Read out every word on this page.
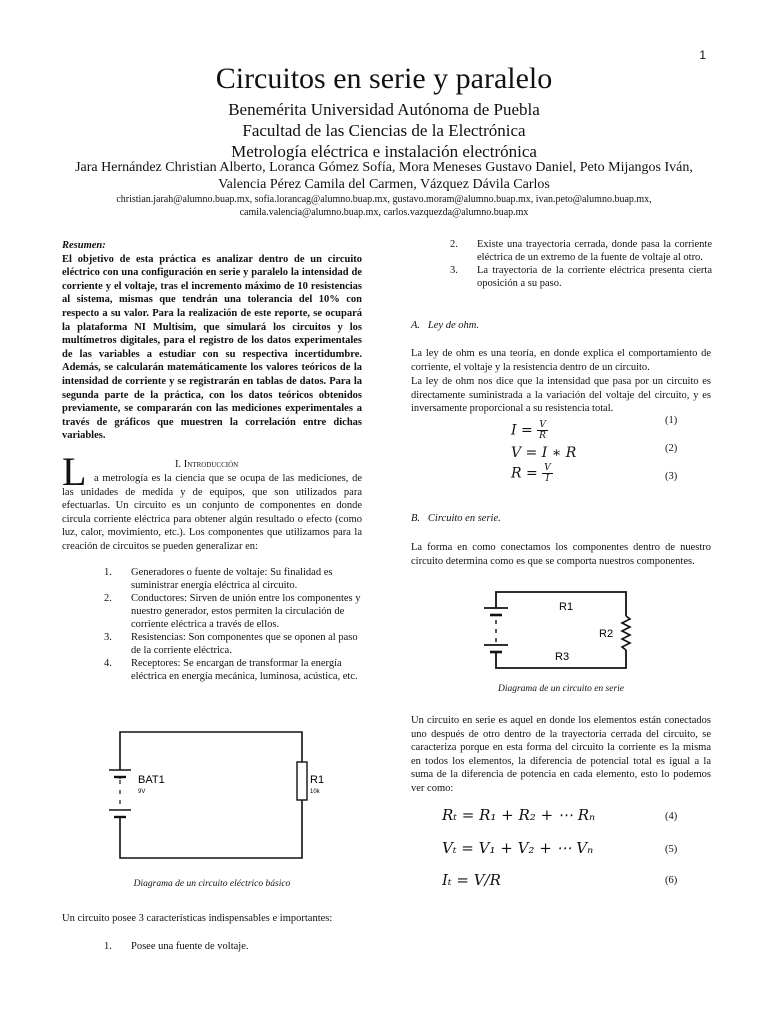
1
Circuitos en serie y paralelo
Benemérita Universidad Autónoma de Puebla
Facultad de las Ciencias de la Electrónica
Metrología eléctrica e instalación electrónica
Jara Hernández Christian Alberto, Loranca Gómez Sofía, Mora Meneses Gustavo Daniel, Peto Mijangos Iván,
Valencia Pérez Camila del Carmen, Vázquez Dávila Carlos
christian.jarah@alumno.buap.mx, sofia.lorancag@alumno.buap.mx, gustavo.moram@alumno.buap.mx, ivan.peto@alumno.buap.mx,
camila.valencia@alumno.buap.mx, carlos.vazquezda@alumno.buap.mx
Resumen:
El objetivo de esta práctica es analizar dentro de un circuito eléctrico con una configuración en serie y paralelo la intensidad de corriente y el voltaje, tras el incremento máximo de 10 resistencias al sistema, mismas que tendrán una tolerancia del 10% con respecto a su valor. Para la realización de este reporte, se ocupará la plataforma NI Multisim, que simulará los circuitos y los multímetros digitales, para el registro de los datos experimentales de las variables a estudiar con su respectiva incertidumbre. Además, se calcularán matemáticamente los valores teóricos de la intensidad de corriente y se registrarán en tablas de datos. Para la segunda parte de la práctica, con los datos teóricos obtenidos previamente, se compararán con las mediciones experimentales a través de gráficos que muestren la correlación entre dichas variables.
L	I. Introducción
a metrología es la ciencia que se ocupa de las mediciones, de las unidades de medida y de equipos, que son utilizados para efectuarlas. Un circuito es un conjunto de componentes en donde circula corriente eléctrica para obtener algún resultado o efecto (como luz, calor, movimiento, etc.). Los componentes que utilizamos para la creación de circuitos se pueden generalizar en:
1. Generadores o fuente de voltaje: Su finalidad es suministrar energía eléctrica al circuito.
2. Conductores: Sirven de unión entre los componentes y nuestro generador, estos permiten la circulación de corriente eléctrica a través de ellos.
3. Resistencias: Son componentes que se oponen al paso de la corriente eléctrica.
4. Receptores: Se encargan de transformar la energía eléctrica en energía mecánica, luminosa, acústica, etc.
BAT1
9V
R1
10k
Diagrama de un circuito eléctrico básico
Un circuito posee 3 características indispensables e importantes:
1. Posee una fuente de voltaje.
2. Existe una trayectoria cerrada, donde pasa la corriente eléctrica de un extremo de la fuente de voltaje al otro.
3. La trayectoria de la corriente eléctrica presenta cierta oposición a su paso.
A. Ley de ohm.
La ley de ohm es una teoría, en donde explica el comportamiento de corriente, el voltaje y la resistencia dentro de un circuito.
La ley de ohm nos dice que la intensidad que pasa por un circuito es directamente suministrada a la variación del voltaje del circuito, y es inversamente proporcional a su resistencia total.
$I = \frac{V}{R}$	(1)
V = I ∗ R	(2)
$R = \frac{V}{I}$	(3)
B. Circuito en serie.
La forma en como conectamos los componentes dentro de nuestro circuito determina como es que se comporta nuestros componentes.
R1
R2
R3
Diagrama de un circuito en serie
Un circuito en serie es aquel en donde los elementos están conectados uno después de otro dentro de la trayectoria cerrada del circuito, se caracteriza porque en esta forma del circuito la corriente es la misma en todos los elementos, la diferencia de potencial total es igual a la suma de la diferencia de potencia en cada elemento, esto lo podemos ver como:
Rₜ = R₁ + R₂ + ⋯ Rₙ	(4)
Vₜ = V₁ + V₂ + ⋯ Vₙ	(5)
Iₜ = V/R	(6)
